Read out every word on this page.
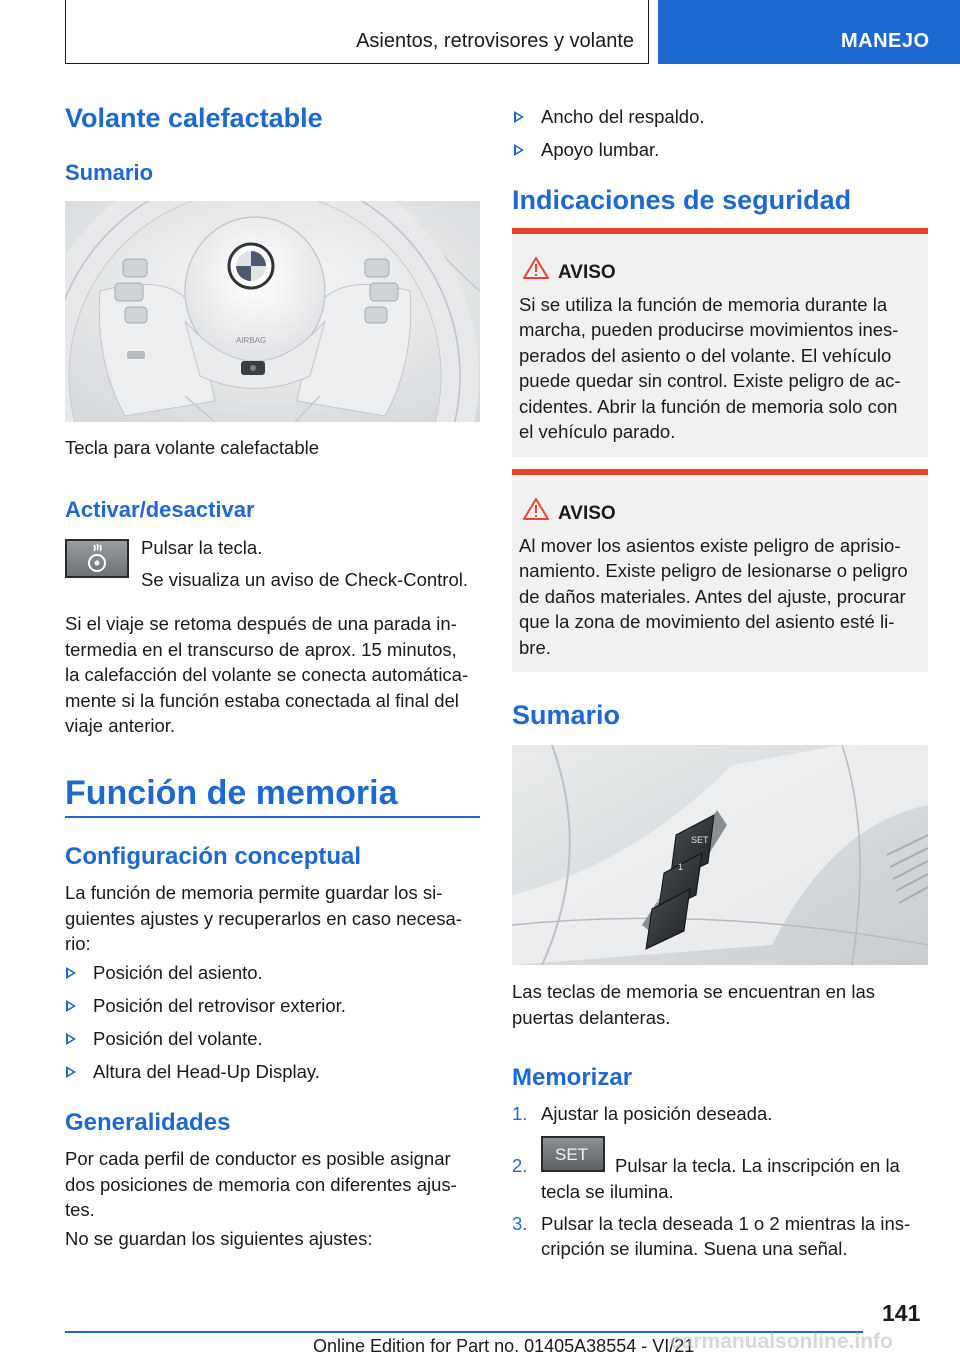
Asientos, retrovisores y volante	MANEJO
Volante calefactable
Sumario
AIRBAG
Tecla para volante calefactable
Activar/desactivar
Pulsar la tecla.
Se visualiza un aviso de Check-Control.
Si el viaje se retoma después de una parada in-
termedia en el transcurso de aprox. 15 minutos,
la calefacción del volante se conecta automática-
mente si la función estaba conectada al final del
viaje anterior.
Función de memoria
Configuración conceptual
La función de memoria permite guardar los si-
guientes ajustes y recuperarlos en caso necesa-
rio:
Posición del asiento.
Posición del retrovisor exterior.
Posición del volante.
Altura del Head-Up Display.
Generalidades
Por cada perfil de conductor es posible asignar
dos posiciones de memoria con diferentes ajus-
tes.
No se guardan los siguientes ajustes:
Ancho del respaldo.
Apoyo lumbar.
Indicaciones de seguridad
AVISO
Si se utiliza la función de memoria durante la
marcha, pueden producirse movimientos ines-
perados del asiento o del volante. El vehículo
puede quedar sin control. Existe peligro de ac-
cidentes. Abrir la función de memoria solo con
el vehículo parado.
AVISO
Al mover los asientos existe peligro de aprisio-
namiento. Existe peligro de lesionarse o peligro
de daños materiales. Antes del ajuste, procurar
que la zona de movimiento del asiento esté li-
bre.
Sumario
SET
1
2
Las teclas de memoria se encuentran en las
puertas delanteras.
Memorizar
1. Ajustar la posición deseada.
2.
SET
Pulsar la tecla. La inscripción en la
tecla se ilumina.
3. Pulsar la tecla deseada 1 o 2 mientras la ins-
cripción se ilumina. Suena una señal.
141
Online Edition for Part no. 01405A38554 - VI/21
carmanualsonline.info
